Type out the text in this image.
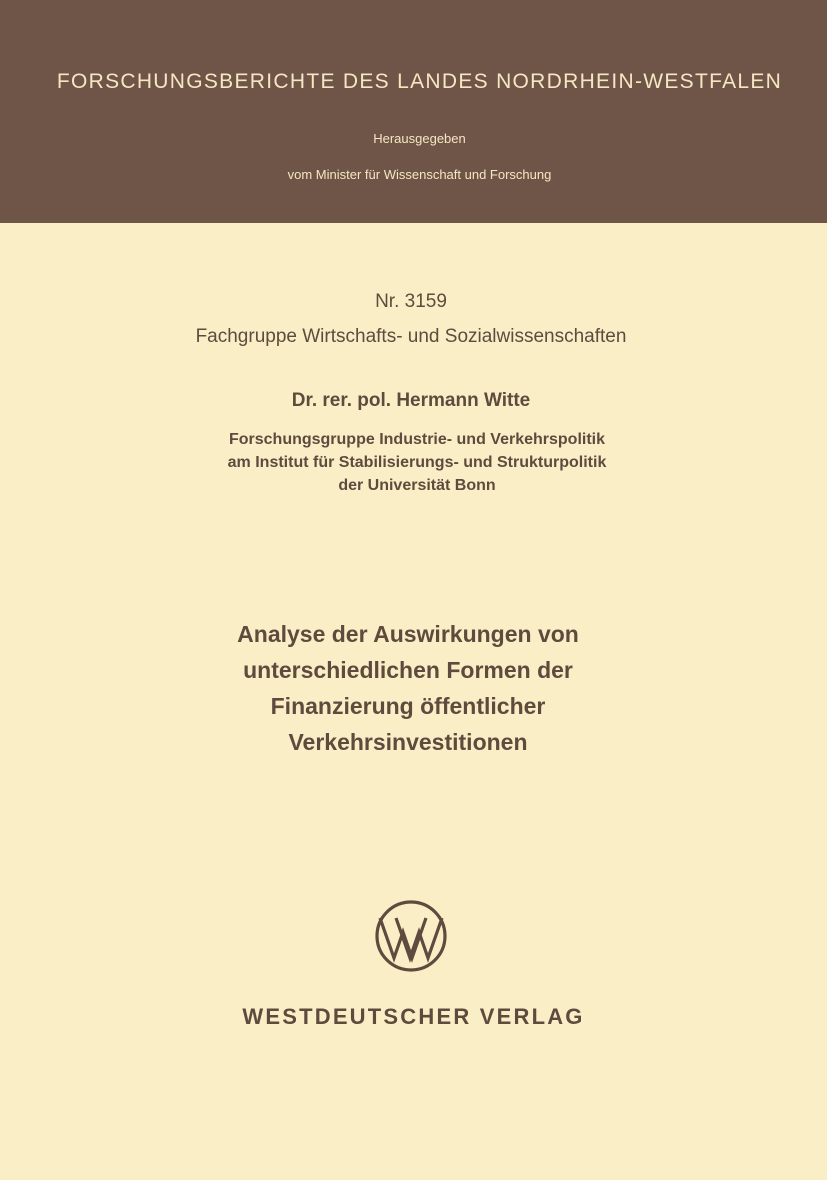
FORSCHUNGSBERICHTE DES LANDES NORDRHEIN-WESTFALEN
Herausgegeben
vom Minister für Wissenschaft und Forschung
Nr. 3159
Fachgruppe Wirtschafts- und Sozialwissenschaften
Dr. rer. pol. Hermann Witte
Forschungsgruppe Industrie- und Verkehrspolitik
am Institut für Stabilisierungs- und Strukturpolitik
der Universität Bonn
Analyse der Auswirkungen von
unterschiedlichen Formen der
Finanzierung öffentlicher
Verkehrsinvestitionen
WESTDEUTSCHER VERLAG
